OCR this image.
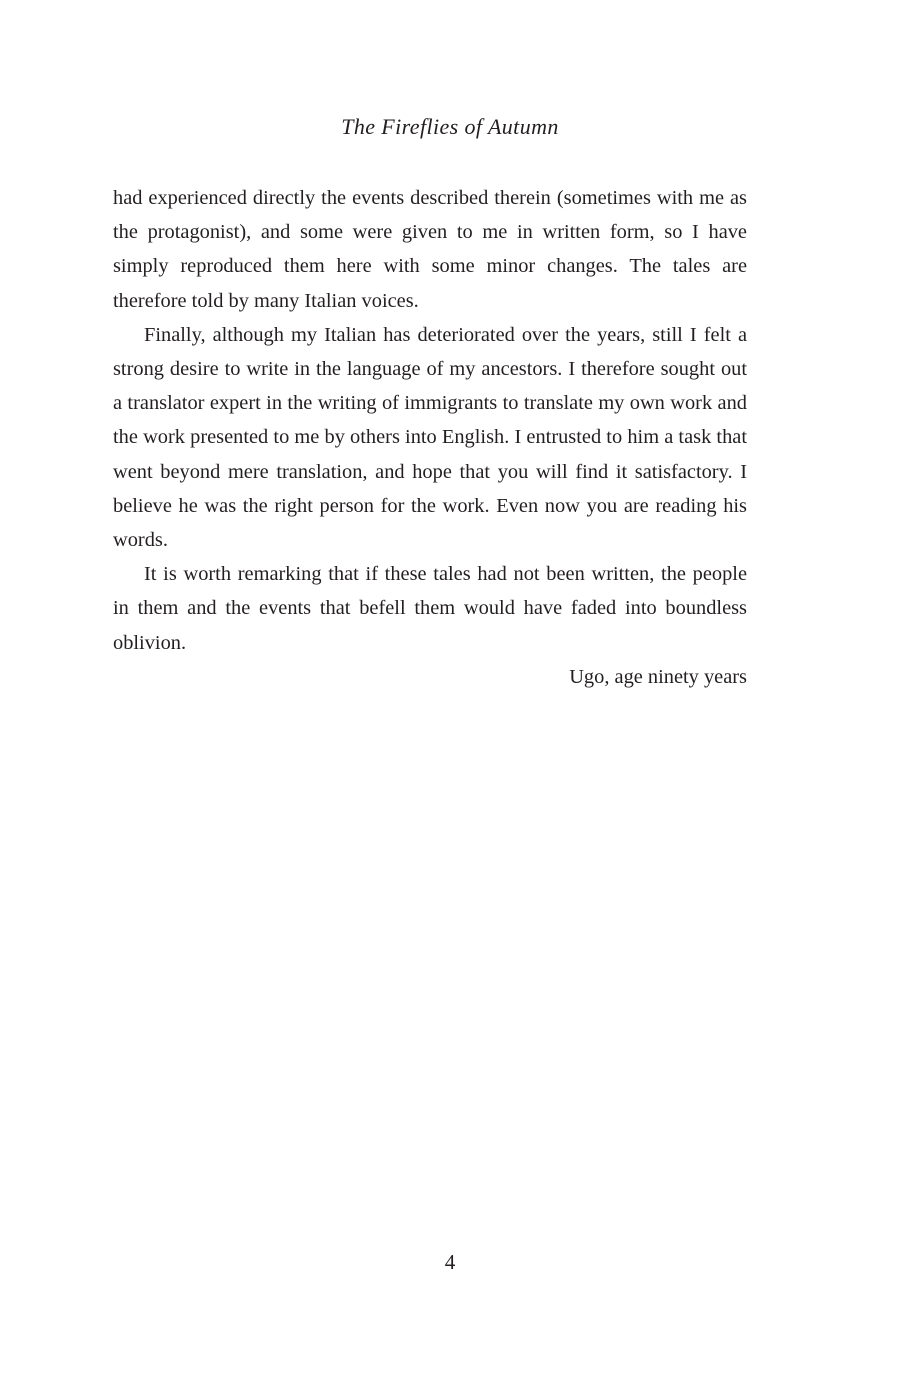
The Fireflies of Autumn

had experienced directly the events described therein (sometimes with me as the protagonist), and some were given to me in written form, so I have simply reproduced them here with some minor changes. The tales are therefore told by many Italian voices.

Finally, although my Italian has deteriorated over the years, still I felt a strong desire to write in the language of my ancestors. I therefore sought out a translator expert in the writing of immigrants to translate my own work and the work presented to me by others into English. I entrusted to him a task that went beyond mere translation, and hope that you will find it satisfactory. I believe he was the right person for the work. Even now you are reading his words.

It is worth remarking that if these tales had not been written, the people in them and the events that befell them would have faded into boundless oblivion.

Ugo, age ninety years

4
